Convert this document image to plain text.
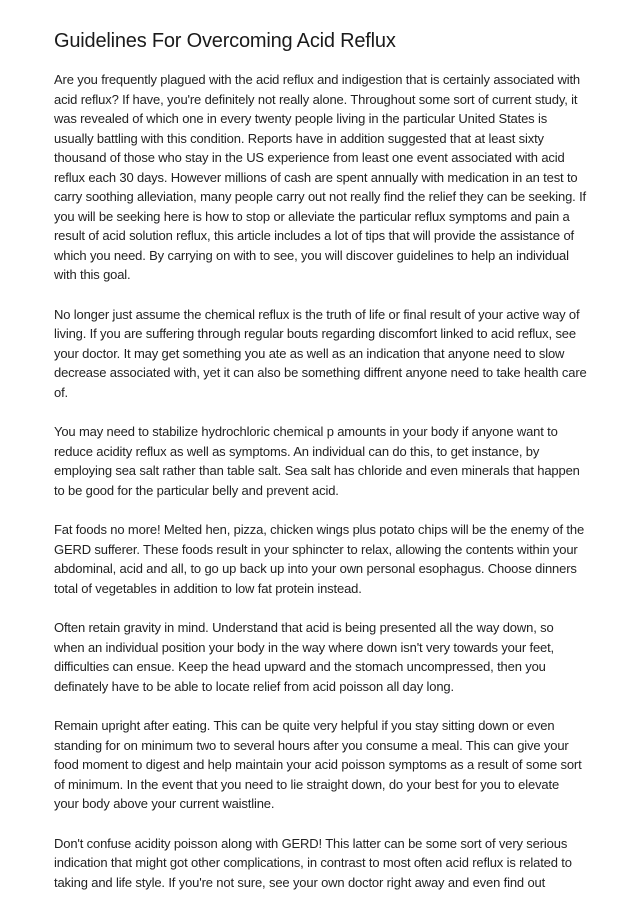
Guidelines For Overcoming Acid Reflux

Are you frequently plagued with the acid reflux and indigestion that is certainly associated with acid reflux? If have, you're definitely not really alone. Throughout some sort of current study, it was revealed of which one in every twenty people living in the particular United States is usually battling with this condition. Reports have in addition suggested that at least sixty thousand of those who stay in the US experience from least one event associated with acid reflux each 30 days. However millions of cash are spent annually with medication in an test to carry soothing alleviation, many people carry out not really find the relief they can be seeking. If you will be seeking here is how to stop or alleviate the particular reflux symptoms and pain a result of acid solution reflux, this article includes a lot of tips that will provide the assistance of which you need. By carrying on with to see, you will discover guidelines to help an individual with this goal.

No longer just assume the chemical reflux is the truth of life or final result of your active way of living. If you are suffering through regular bouts regarding discomfort linked to acid reflux, see your doctor. It may get something you ate as well as an indication that anyone need to slow decrease associated with, yet it can also be something diffrent anyone need to take health care of.

You may need to stabilize hydrochloric chemical p amounts in your body if anyone want to reduce acidity reflux as well as symptoms. An individual can do this, to get instance, by employing sea salt rather than table salt. Sea salt has chloride and even minerals that happen to be good for the particular belly and prevent acid.

Fat foods no more! Melted hen, pizza, chicken wings plus potato chips will be the enemy of the GERD sufferer. These foods result in your sphincter to relax, allowing the contents within your abdominal, acid and all, to go up back up into your own personal esophagus. Choose dinners total of vegetables in addition to low fat protein instead.

Often retain gravity in mind. Understand that acid is being presented all the way down, so when an individual position your body in the way where down isn't very towards your feet, difficulties can ensue. Keep the head upward and the stomach uncompressed, then you definately have to be able to locate relief from acid poisson all day long.

Remain upright after eating. This can be quite very helpful if you stay sitting down or even standing for on minimum two to several hours after you consume a meal. This can give your food moment to digest and help maintain your acid poisson symptoms as a result of some sort of minimum. In the event that you need to lie straight down, do your best for you to elevate your body above your current waistline.

Don't confuse acidity poisson along with GERD! This latter can be some sort of very serious indication that might got other complications, in contrast to most often acid reflux is related to taking and life style. If you're not sure, see your own doctor right away and even find out
